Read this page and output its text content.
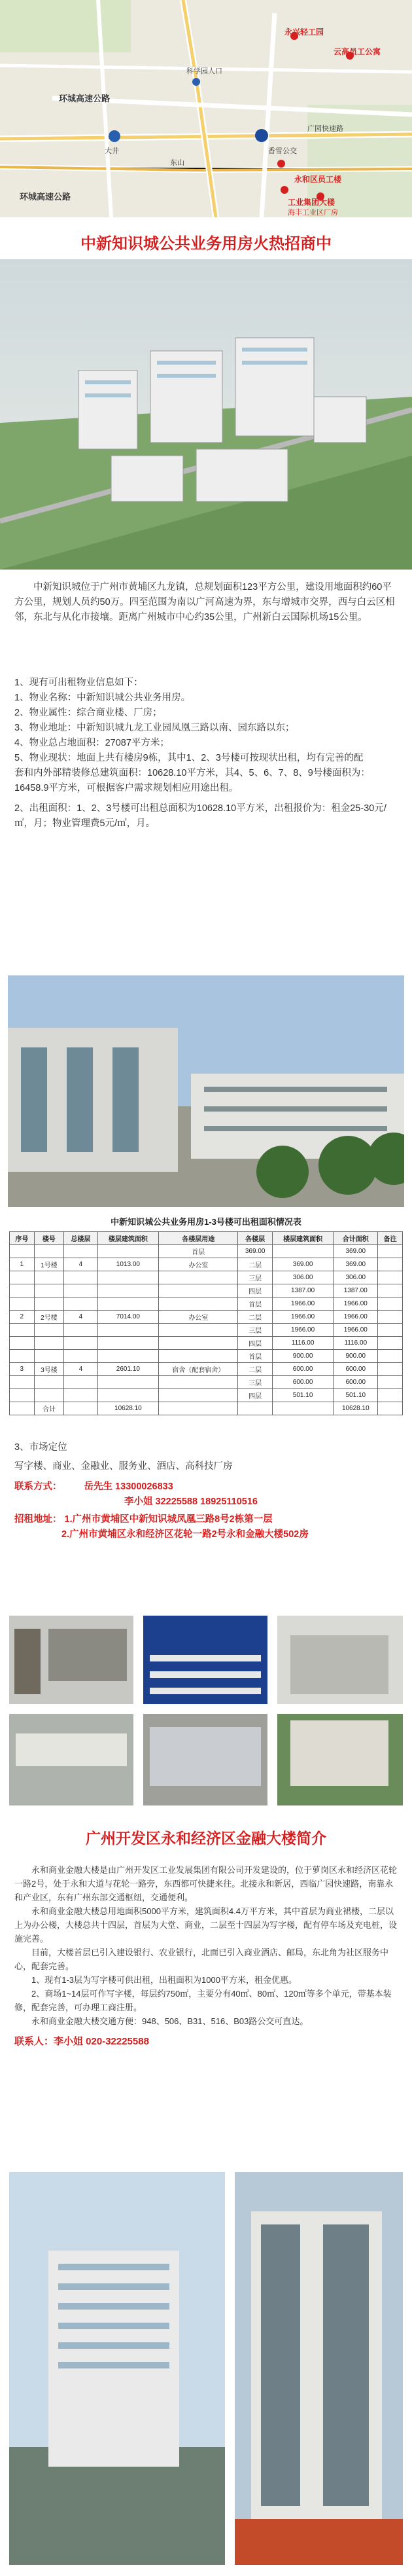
永兴轻工园
云高员工公寓
科学园人口
环城高速公路
环城高速公路
大井
广园快速路
香雪公交
永和区员工楼
工业集团大楼
海丰工业区厂房
东山
中新知识城公共业务用房火热招商中

中新知识城位于广州市黄埔区九龙镇，总规划面积123平方公里，建设用地面积约60平方公里，规划人员约50万。四至范围为南以广河高速为界，东与增城市交界，西与白云区相邻，东北与从化市接壤。距离广州城市中心约35公里，广州新白云国际机场15公里。

1、现有可出租物业信息如下：

1、物业名称：中新知识城公共业务用房。

2、物业属性：综合商业楼、厂房；

3、物业地址：中新知识城九龙工业园凤凰三路以南、园东路以东；

4、物业总占地面积：27087平方米；

5、物业现状：地面上共有楼房9栋，其中1、2、3号楼可按现状出租，均有完善的配套和内外部精装修总建筑面积：10628.10平方米，其4、5、6、7、8、9号楼面积为：16458.9平方米，可根据客户需求规划相应用途出租。

2、出租面积：1、2、3号楼可出租总面积为10628.10平方米，出租报价为：租金25-30元/㎡，月；物业管理费5元/㎡，月。

中新知识城公共业务用房1-3号楼可出租面积情况表
序号	楼号	总楼层	楼层建筑面积	各楼层用途	各楼层	楼层建筑面积	合计面积	备注
				首层	369.00		369.00	
1	1号楼	4	1013.00	办公室	二层	369.00	369.00	
					三层	306.00	306.00	
					四层	1387.00	1387.00	
					首层	1966.00	1966.00	
2	2号楼	4	7014.00	办公室	二层	1966.00	1966.00	
					三层	1966.00	1966.00	
					四层	1116.00	1116.00	
					首层	900.00	900.00	
3	3号楼	4	2601.10	宿舍（配套宿舍）	二层	600.00	600.00	
					三层	600.00	600.00	
					四层	501.10	501.10	
	合计		10628.10				10628.10	

3、市场定位

写字楼、商业、金融业、服务业、酒店、高科技厂房

联系方式： 岳先生 13300026833

李小姐 32225588 18925110516

招租地址： 1.广州市黄埔区中新知识城凤凰三路8号2栋第一层

2.广州市黄埔区永和经济区花轮一路2号永和金融大楼502房

广州开发区永和经济区金融大楼简介

永和商业金融大楼是由广州开发区工业发展集团有限公司开发建设的，位于萝岗区永和经济区花轮一路2号，处于永和大道与花轮一路旁，东西都可快捷来往。北接永和新居，西临广园快速路，南靠永和产业区，东有广州东部交通枢纽，交通便利。

永和商业金融大楼总用地面积5000平方米，建筑面积4.4万平方米，其中首层为商业裙楼，二层以上为办公楼，大楼总共十四层，首层为大堂、商业，二层至十四层为写字楼，配有停车场及充电桩，设施完善。

目前，大楼首层已引入建设银行、农业银行，北面已引入商业酒店、邮局，东北角为社区服务中心，配套完善。

1、现有1-3层为写字楼可供出租，出租面积为1000平方米，租金优惠。

2、商场1~14层可作写字楼，每层约750㎡，主要分有40㎡、80㎡、120㎡等多个单元，带基本装修，配套完善，可办理工商注册。

永和商业金融大楼交通方便：948、506、B31、516、B03路公交可直达。

联系人：李小姐 020-32225588
